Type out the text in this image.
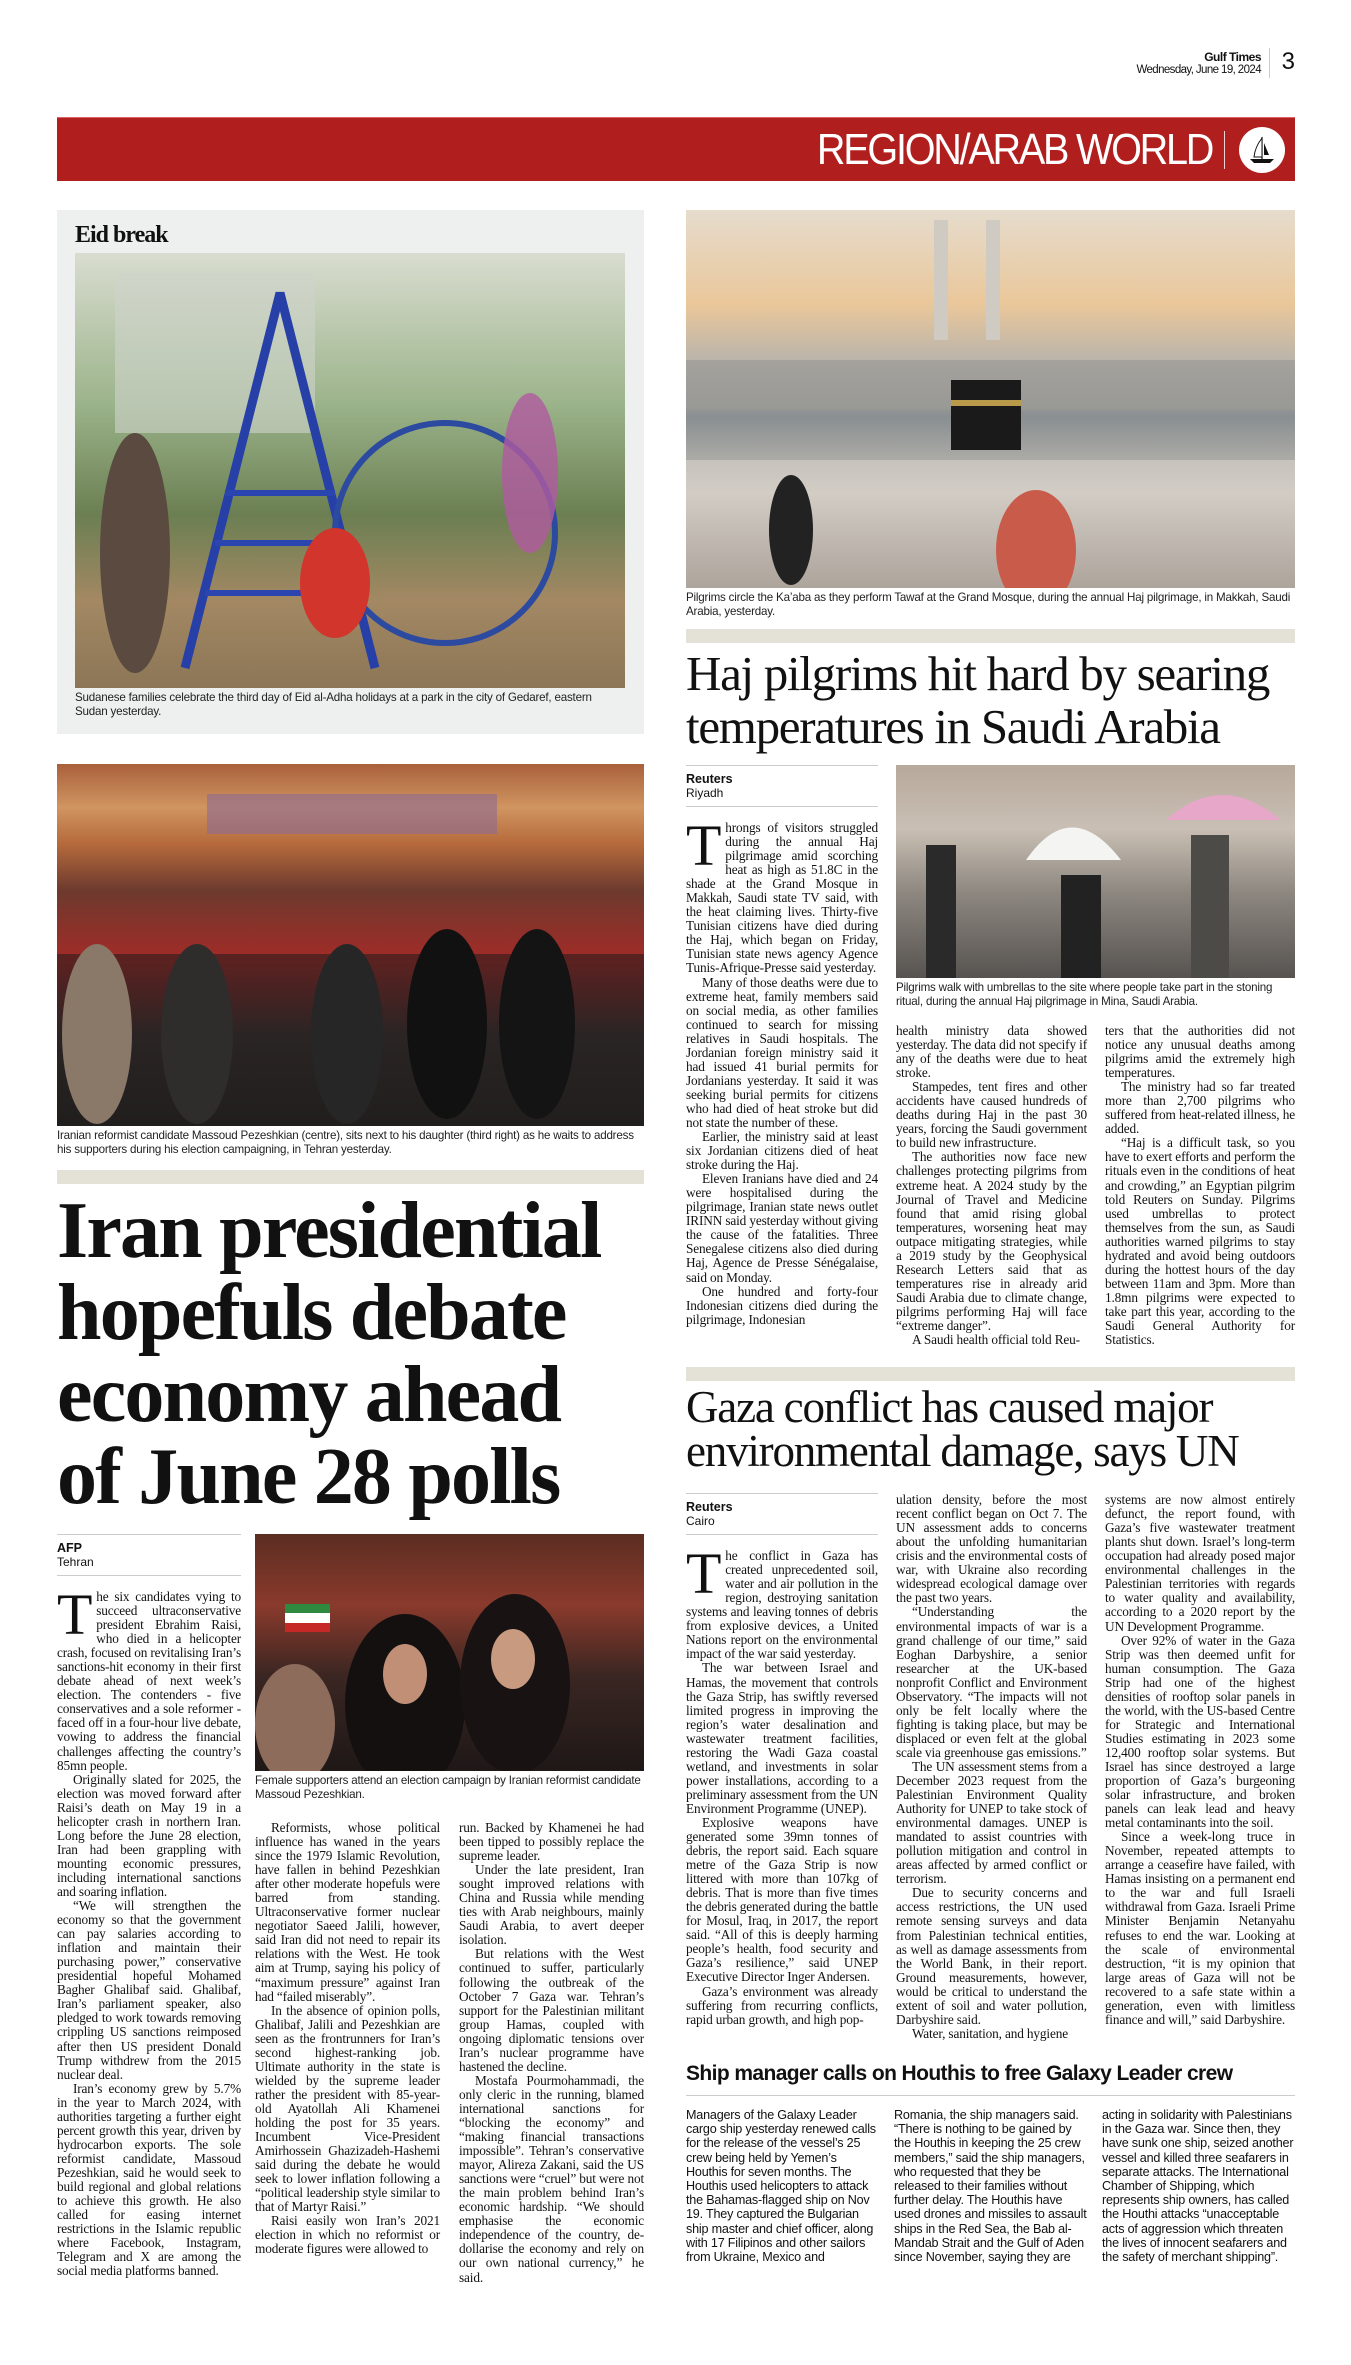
Gulf Times
Wednesday, June 19, 2024 3
REGION/ARAB WORLD
Eid break
Sudanese families celebrate the third day of Eid al-Adha holidays at a park in the city of Gedaref, eastern Sudan yesterday.
Iranian reformist candidate Massoud Pezeshkian (centre), sits next to his daughter (third right) as he waits to address his supporters during his election campaigning, in Tehran yesterday.
Iran presidential
hopefuls debate
economy ahead
of June 28 polls
AFP
Tehran

The six candidates vying to succeed ultraconservative president Ebrahim Raisi, who died in a helicopter crash, focused on revitalising Iran’s sanctions-hit economy in their first debate ahead of next week’s election. The contenders - five conservatives and a sole reformer - faced off in a four-hour live debate, vowing to address the financial challenges affecting the country’s 85mn people.

Originally slated for 2025, the election was moved forward after Raisi’s death on May 19 in a helicopter crash in northern Iran. Long before the June 28 election, Iran had been grappling with mounting economic pressures, including international sanctions and soaring inflation.

“We will strengthen the economy so that the government can pay salaries according to inflation and maintain their purchasing power,” conservative presidential hopeful Mohamed Bagher Ghalibaf said. Ghalibaf, Iran’s parliament speaker, also pledged to work towards removing crippling US sanctions reimposed after then US president Donald Trump withdrew from the 2015 nuclear deal.

Iran’s economy grew by 5.7% in the year to March 2024, with authorities targeting a further eight percent growth this year, driven by hydrocarbon exports. The sole reformist candidate, Massoud Pezeshkian, said he would seek to build regional and global relations to achieve this growth. He also called for easing internet restrictions in the Islamic republic where Facebook, Instagram, Telegram and X are among the social media platforms banned.

Female supporters attend an election campaign by Iranian reformist candidate Massoud Pezeshkian.

Reformists, whose political influence has waned in the years since the 1979 Islamic Revolution, have fallen in behind Pezeshkian after other moderate hopefuls were barred from standing. Ultraconservative former nuclear negotiator Saeed Jalili, however, said Iran did not need to repair its relations with the West. He took aim at Trump, saying his policy of “maximum pressure” against Iran had “failed miserably”.

In the absence of opinion polls, Ghalibaf, Jalili and Pezeshkian are seen as the frontrunners for Iran’s second highest-ranking job. Ultimate authority in the state is wielded by the supreme leader rather the president with 85-year-old Ayatollah Ali Khamenei holding the post for 35 years. Incumbent Vice-President Amirhossein Ghazizadeh-Hashemi said during the debate he would seek to lower inflation following a “political leadership style similar to that of Martyr Raisi.”

Raisi easily won Iran’s 2021 election in which no reformist or moderate figures were allowed to

run. Backed by Khamenei he had been tipped to possibly replace the supreme leader.

Under the late president, Iran sought improved relations with China and Russia while mending ties with Arab neighbours, mainly Saudi Arabia, to avert deeper isolation.

But relations with the West continued to suffer, particularly following the outbreak of the October 7 Gaza war. Tehran’s support for the Palestinian militant group Hamas, coupled with ongoing diplomatic tensions over Iran’s nuclear programme have hastened the decline.

Mostafa Pourmohammadi, the only cleric in the running, blamed international sanctions for “blocking the economy” and “making financial transactions impossible”. Tehran’s conservative mayor, Alireza Zakani, said the US sanctions were “cruel” but were not the main problem behind Iran’s economic hardship. “We should emphasise the economic independence of the country, de-dollarise the economy and rely on our own national currency,” he said.

Pilgrims circle the Ka’aba as they perform Tawaf at the Grand Mosque, during the annual Haj pilgrimage, in Makkah, Saudi Arabia, yesterday.
Haj pilgrims hit hard by searing
temperatures in Saudi Arabia
Reuters
Riyadh

Throngs of visitors struggled during the annual Haj pilgrimage amid scorching heat as high as 51.8C in the shade at the Grand Mosque in Makkah, Saudi state TV said, with the heat claiming lives. Thirty-five Tunisian citizens have died during the Haj, which began on Friday, Tunisian state news agency Agence Tunis-Afrique-Presse said yesterday.

Many of those deaths were due to extreme heat, family members said on social media, as other families continued to search for missing relatives in Saudi hospitals. The Jordanian foreign ministry said it had issued 41 burial permits for Jordanians yesterday. It said it was seeking burial permits for citizens who had died of heat stroke but did not state the number of these.

Earlier, the ministry said at least six Jordanian citizens died of heat stroke during the Haj.

Eleven Iranians have died and 24 were hospitalised during the pilgrimage, Iranian state news outlet IRINN said yesterday without giving the cause of the fatalities. Three Senegalese citizens also died during Haj, Agence de Presse Sénégalaise, said on Monday.

One hundred and forty-four Indonesian citizens died during the pilgrimage, Indonesian

Pilgrims walk with umbrellas to the site where people take part in the stoning ritual, during the annual Haj pilgrimage in Mina, Saudi Arabia.

health ministry data showed yesterday. The data did not specify if any of the deaths were due to heat stroke.

Stampedes, tent fires and other accidents have caused hundreds of deaths during Haj in the past 30 years, forcing the Saudi government to build new infrastructure.

The authorities now face new challenges protecting pilgrims from extreme heat. A 2024 study by the Journal of Travel and Medicine found that amid rising global temperatures, worsening heat may outpace mitigating strategies, while a 2019 study by the Geophysical Research Letters said that as temperatures rise in already arid Saudi Arabia due to climate change, pilgrims performing Haj will face “extreme danger”.

A Saudi health official told Reu-

ters that the authorities did not notice any unusual deaths among pilgrims amid the extremely high temperatures.

The ministry had so far treated more than 2,700 pilgrims who suffered from heat-related illness, he added.

“Haj is a difficult task, so you have to exert efforts and perform the rituals even in the conditions of heat and crowding,” an Egyptian pilgrim told Reuters on Sunday. Pilgrims used umbrellas to protect themselves from the sun, as Saudi authorities warned pilgrims to stay hydrated and avoid being outdoors during the hottest hours of the day between 11am and 3pm. More than 1.8mn pilgrims were expected to take part this year, according to the Saudi General Authority for Statistics.

Gaza conflict has caused major
environmental damage, says UN
Reuters
Cairo

The conflict in Gaza has created unprecedented soil, water and air pollution in the region, destroying sanitation systems and leaving tonnes of debris from explosive devices, a United Nations report on the environmental impact of the war said yesterday.

The war between Israel and Hamas, the movement that controls the Gaza Strip, has swiftly reversed limited progress in improving the region’s water desalination and wastewater treatment facilities, restoring the Wadi Gaza coastal wetland, and investments in solar power installations, according to a preliminary assessment from the UN Environment Programme (UNEP).

Explosive weapons have generated some 39mn tonnes of debris, the report said. Each square metre of the Gaza Strip is now littered with more than 107kg of debris. That is more than five times the debris generated during the battle for Mosul, Iraq, in 2017, the report said. “All of this is deeply harming people’s health, food security and Gaza’s resilience,” said UNEP Executive Director Inger Andersen.

Gaza’s environment was already suffering from recurring conflicts, rapid urban growth, and high pop-

ulation density, before the most recent conflict began on Oct 7. The UN assessment adds to concerns about the unfolding humanitarian crisis and the environmental costs of war, with Ukraine also recording widespread ecological damage over the past two years.

“Understanding the environmental impacts of war is a grand challenge of our time,” said Eoghan Darbyshire, a senior researcher at the UK-based nonprofit Conflict and Environment Observatory. “The impacts will not only be felt locally where the fighting is taking place, but may be displaced or even felt at the global scale via greenhouse gas emissions.”

The UN assessment stems from a December 2023 request from the Palestinian Environment Quality Authority for UNEP to take stock of environmental damages. UNEP is mandated to assist countries with pollution mitigation and control in areas affected by armed conflict or terrorism.

Due to security concerns and access restrictions, the UN used remote sensing surveys and data from Palestinian technical entities, as well as damage assessments from the World Bank, in their report. Ground measurements, however, would be critical to understand the extent of soil and water pollution, Darbyshire said.

Water, sanitation, and hygiene

systems are now almost entirely defunct, the report found, with Gaza’s five wastewater treatment plants shut down. Israel’s long-term occupation had already posed major environmental challenges in the Palestinian territories with regards to water quality and availability, according to a 2020 report by the UN Development Programme.

Over 92% of water in the Gaza Strip was then deemed unfit for human consumption. The Gaza Strip had one of the highest densities of rooftop solar panels in the world, with the US-based Centre for Strategic and International Studies estimating in 2023 some 12,400 rooftop solar systems. But Israel has since destroyed a large proportion of Gaza’s burgeoning solar infrastructure, and broken panels can leak lead and heavy metal contaminants into the soil.

Since a week-long truce in November, repeated attempts to arrange a ceasefire have failed, with Hamas insisting on a permanent end to the war and full Israeli withdrawal from Gaza. Israeli Prime Minister Benjamin Netanyahu refuses to end the war. Looking at the scale of environmental destruction, “it is my opinion that large areas of Gaza will not be recovered to a safe state within a generation, even with limitless finance and will,” said Darbyshire.

Ship manager calls on Houthis to free Galaxy Leader crew

Managers of the Galaxy Leader cargo ship yesterday renewed calls for the release of the vessel’s 25 crew being held by Yemen’s Houthis for seven months. The Houthis used helicopters to attack the Bahamas-flagged ship on Nov 19. They captured the Bulgarian ship master and chief officer, along with 17 Filipinos and other sailors from Ukraine, Mexico and

Romania, the ship managers said. “There is nothing to be gained by the Houthis in keeping the 25 crew members,” said the ship managers, who requested that they be released to their families without further delay. The Houthis have used drones and missiles to assault ships in the Red Sea, the Bab al-Mandab Strait and the Gulf of Aden since November, saying they are

acting in solidarity with Palestinians in the Gaza war. Since then, they have sunk one ship, seized another vessel and killed three seafarers in separate attacks. The International Chamber of Shipping, which represents ship owners, has called the Houthi attacks “unacceptable acts of aggression which threaten the lives of innocent seafarers and the safety of merchant shipping”.
